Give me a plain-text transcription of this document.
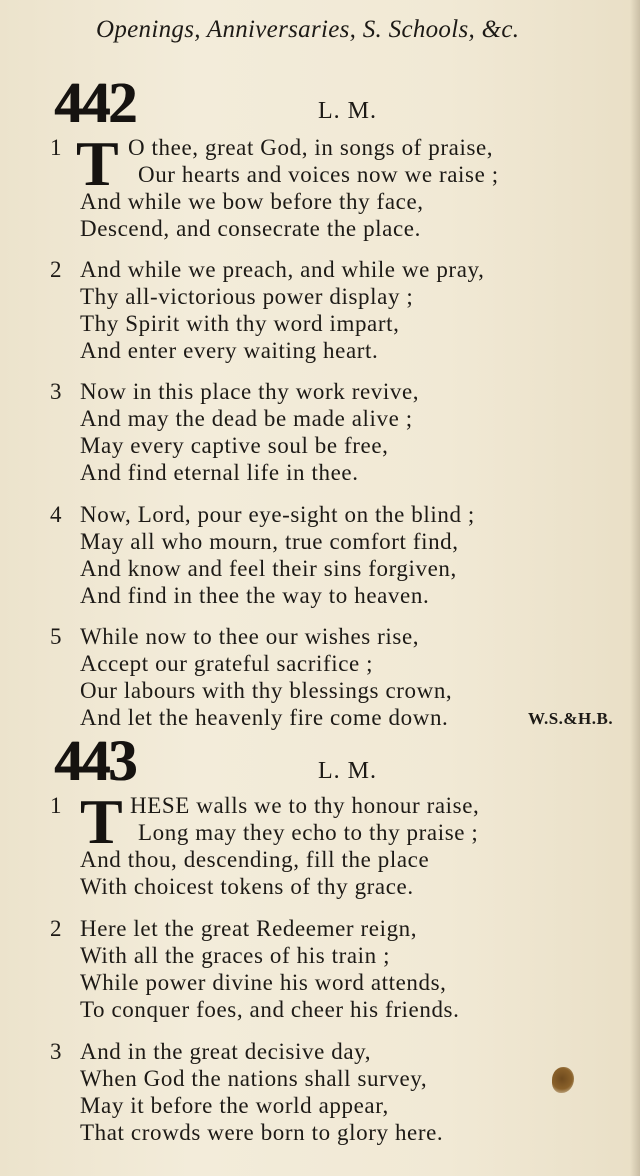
Openings, Anniversaries, S. Schools, &c.
442	L. M.
1 T O thee, great God, in songs of praise,
Our hearts and voices now we raise ;
And while we bow before thy face,
Descend, and consecrate the place.
2 And while we preach, and while we pray,
Thy all-victorious power display ;
Thy Spirit with thy word impart,
And enter every waiting heart.
3 Now in this place thy work revive,
And may the dead be made alive ;
May every captive soul be free,
And find eternal life in thee.
4 Now, Lord, pour eye-sight on the blind ;
May all who mourn, true comfort find,
And know and feel their sins forgiven,
And find in thee the way to heaven.
5 While now to thee our wishes rise,
Accept our grateful sacrifice ;
Our labours with thy blessings crown,
And let the heavenly fire come down.	W.S.&H.B.
443	L. M.
1 T HESE walls we to thy honour raise,
Long may they echo to thy praise ;
And thou, descending, fill the place
With choicest tokens of thy grace.
2 Here let the great Redeemer reign,
With all the graces of his train ;
While power divine his word attends,
To conquer foes, and cheer his friends.
3 And in the great decisive day,
When God the nations shall survey,
May it before the world appear,
That crowds were born to glory here.
